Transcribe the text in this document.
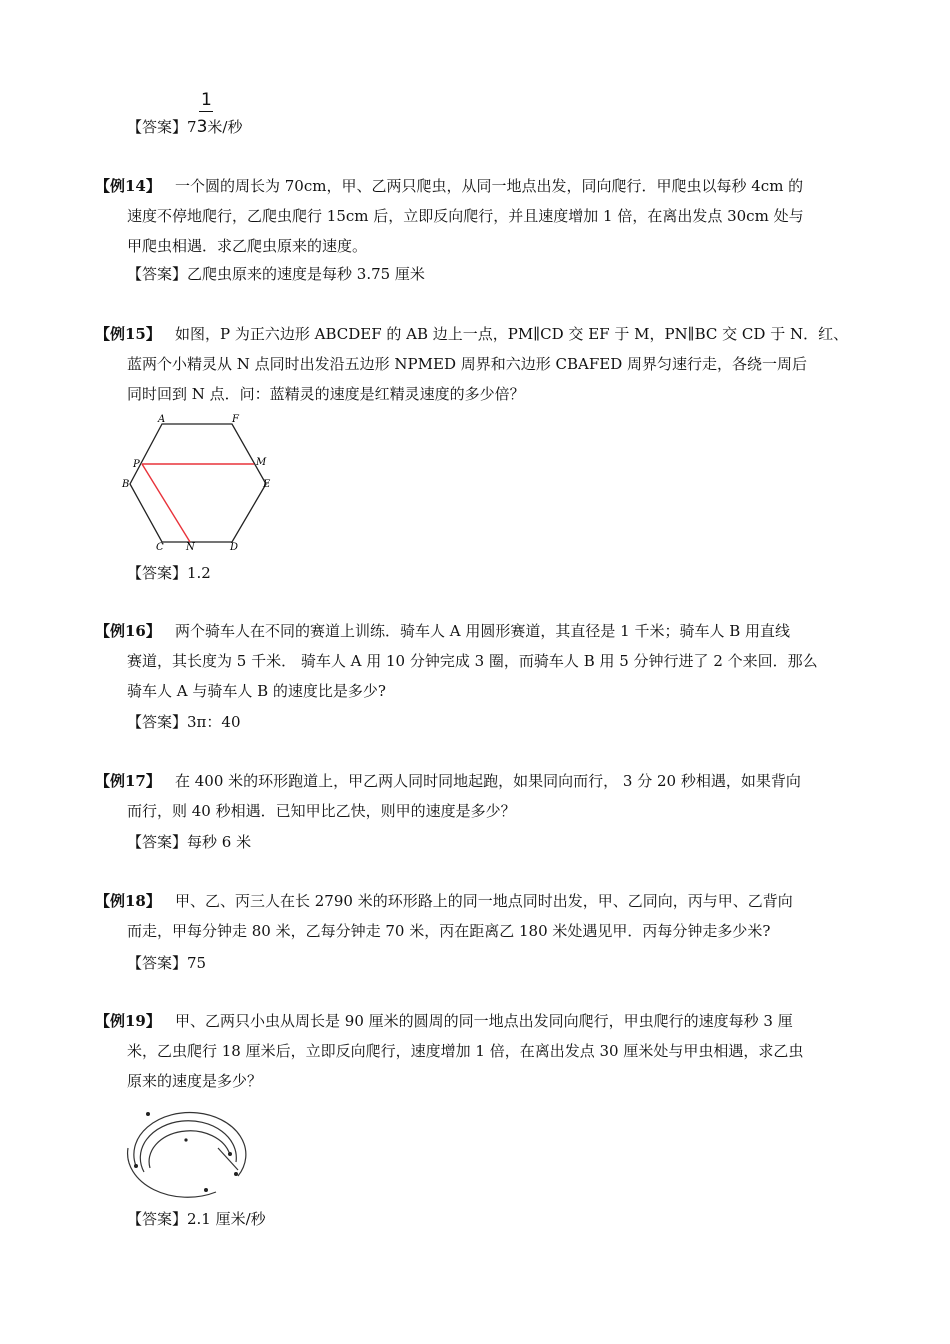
1
【答案】73米/秒
【例14】 一个圆的周长为 70cm，甲、乙两只爬虫，从同一地点出发，同向爬行．甲爬虫以每秒 4cm 的
速度不停地爬行，乙爬虫爬行 15cm 后，立即反向爬行，并且速度增加 1 倍，在离出发点 30cm 处与
甲爬虫相遇．求乙爬虫原来的速度。
【答案】乙爬虫原来的速度是每秒 3.75 厘米
【例15】 如图，P 为正六边形 ABCDEF 的 AB 边上一点，PM∥CD 交 EF 于 M，PN∥BC 交 CD 于 N．红、
蓝两个小精灵从 N 点同时出发沿五边形 NPMED 周界和六边形 CBAFED 周界匀速行走，各绕一周后
同时回到 N 点．问：蓝精灵的速度是红精灵速度的多少倍？
A	F
P	M
B	E
C N	D
【答案】1.2
【例16】 两个骑车人在不同的赛道上训练．骑车人 A 用圆形赛道，其直径是 1 千米；骑车人 B 用直线
赛道，其长度为 5 千米． 骑车人 A 用 10 分钟完成 3 圈，而骑车人 B 用 5 分钟行进了 2 个来回．那么
骑车人 A 与骑车人 B 的速度比是多少?
【答案】3π：40
【例17】 在 400 米的环形跑道上，甲乙两人同时同地起跑，如果同向而行， 3 分 20 秒相遇，如果背向
而行，则 40 秒相遇．已知甲比乙快，则甲的速度是多少？
【答案】每秒 6 米
【例18】 甲、乙、丙三人在长 2790 米的环形路上的同一地点同时出发，甲、乙同向，丙与甲、乙背向
而走，甲每分钟走 80 米，乙每分钟走 70 米，丙在距离乙 180 米处遇见甲．丙每分钟走多少米?
【答案】75
【例19】 甲、乙两只小虫从周长是 90 厘米的圆周的同一地点出发同向爬行，甲虫爬行的速度每秒 3 厘
米，乙虫爬行 18 厘米后，立即反向爬行，速度增加 1 倍，在离出发点 30 厘米处与甲虫相遇，求乙虫
原来的速度是多少？
【答案】2.1 厘米/秒
